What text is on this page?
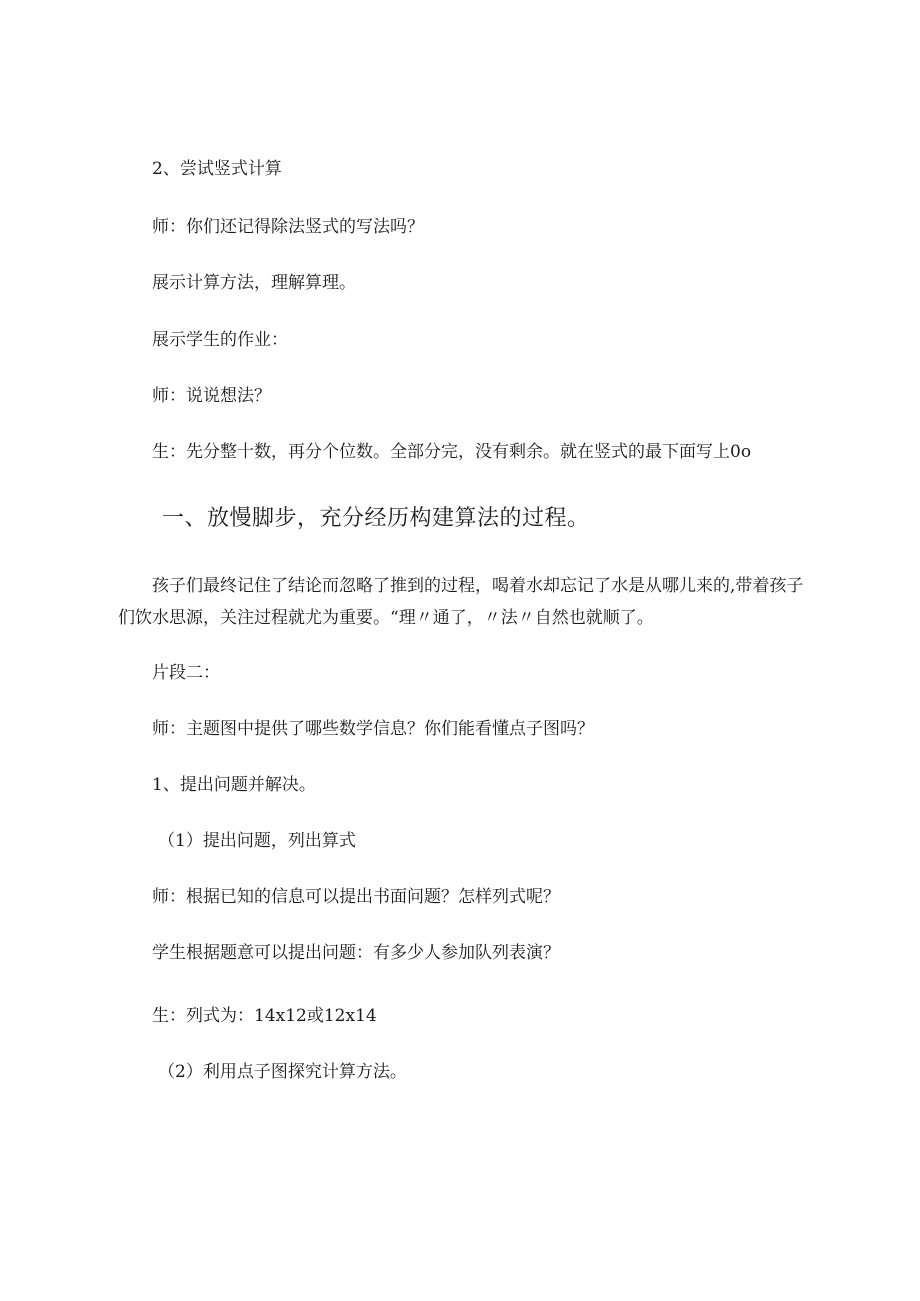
2、尝试竖式计算
师：你们还记得除法竖式的写法吗？
展示计算方法，理解算理。
展示学生的作业：
师：说说想法？
生：先分整十数，再分个位数。全部分完，没有剩余。就在竖式的最下面写上0o
一、放慢脚步，充分经历构建算法的过程。
孩子们最终记住了结论而忽略了推到的过程，喝着水却忘记了水是从哪儿来的,带着孩子们饮水思源，关注过程就尤为重要。“理〃通了，〃法〃自然也就顺了。
片段二：
师：主题图中提供了哪些数学信息？你们能看懂点子图吗？
1、提出问题并解决。
（1）提出问题，列出算式
师：根据已知的信息可以提出书面问题？怎样列式呢？
学生根据题意可以提出问题：有多少人参加队列表演？
生：列式为：14x12或12x14
（2）利用点子图探究计算方法。
